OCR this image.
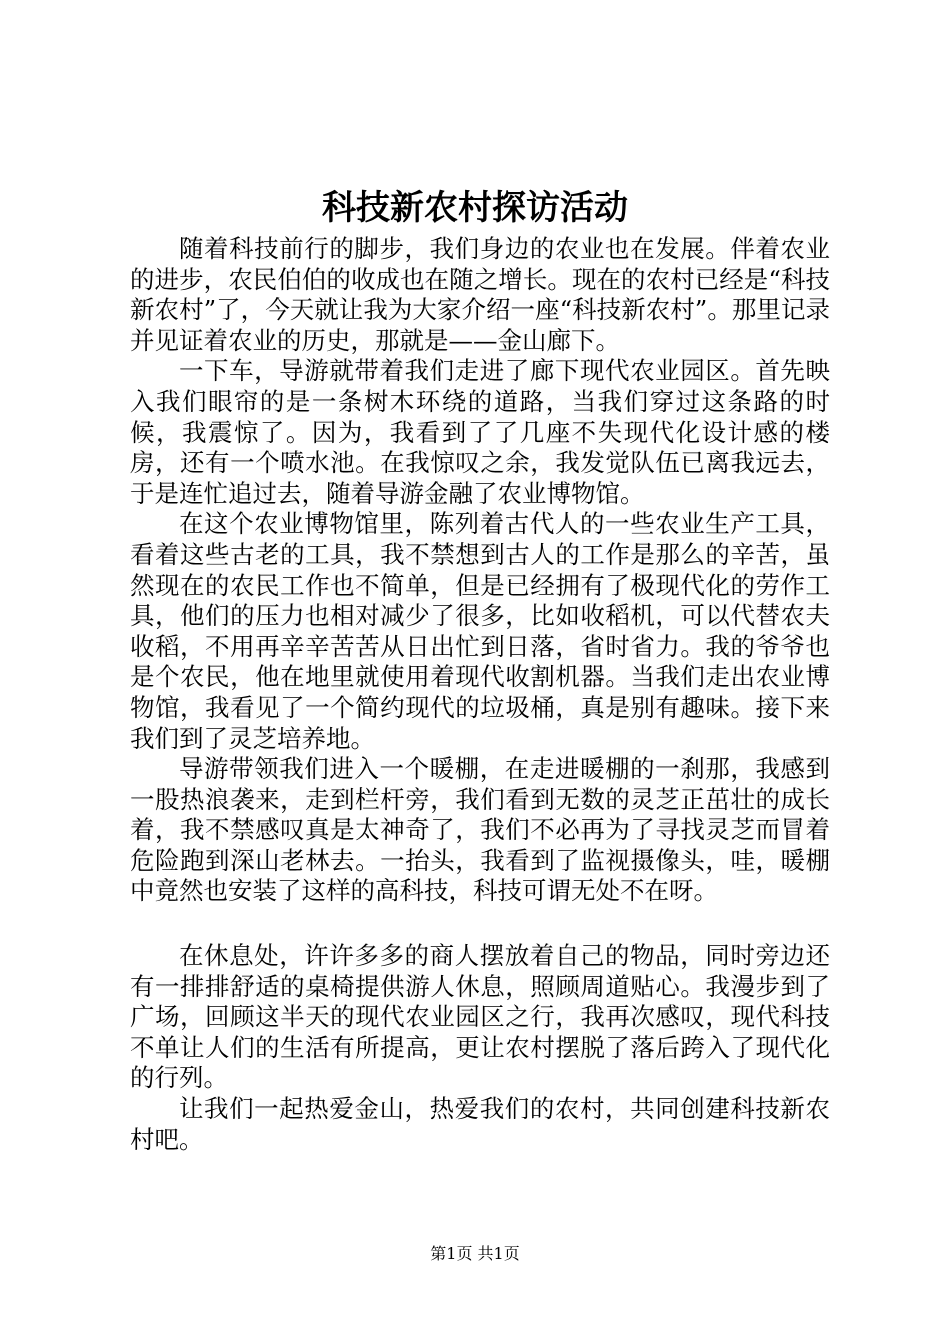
科技新农村探访活动

随着科技前行的脚步，我们身边的农业也在发展。伴着农业的进步，农民伯伯的收成也在随之增长。现在的农村已经是“科技新农村”了，今天就让我为大家介绍一座“科技新农村”。那里记录并见证着农业的历史，那就是——金山廊下。

一下车，导游就带着我们走进了廊下现代农业园区。首先映入我们眼帘的是一条树木环绕的道路，当我们穿过这条路的时候，我震惊了。因为，我看到了了几座不失现代化设计感的楼房，还有一个喷水池。在我惊叹之余，我发觉队伍已离我远去，于是连忙追过去，随着导游金融了农业博物馆。

在这个农业博物馆里，陈列着古代人的一些农业生产工具，看着这些古老的工具，我不禁想到古人的工作是那么的辛苦，虽然现在的农民工作也不简单，但是已经拥有了极现代化的劳作工具，他们的压力也相对减少了很多，比如收稻机，可以代替农夫收稻，不用再辛辛苦苦从日出忙到日落，省时省力。我的爷爷也是个农民，他在地里就使用着现代收割机器。当我们走出农业博物馆，我看见了一个简约现代的垃圾桶，真是别有趣味。接下来我们到了灵芝培养地。

导游带领我们进入一个暖棚，在走进暖棚的一刹那，我感到一股热浪袭来，走到栏杆旁，我们看到无数的灵芝正茁壮的成长着，我不禁感叹真是太神奇了，我们不必再为了寻找灵芝而冒着危险跑到深山老林去。一抬头，我看到了监视摄像头，哇，暖棚中竟然也安装了这样的高科技，科技可谓无处不在呀。

在休息处，许许多多的商人摆放着自己的物品，同时旁边还有一排排舒适的桌椅提供游人休息，照顾周道贴心。我漫步到了广场，回顾这半天的现代农业园区之行，我再次感叹，现代科技不单让人们的生活有所提高，更让农村摆脱了落后跨入了现代化的行列。

让我们一起热爱金山，热爱我们的农村，共同创建科技新农村吧。

第1页 共1页
